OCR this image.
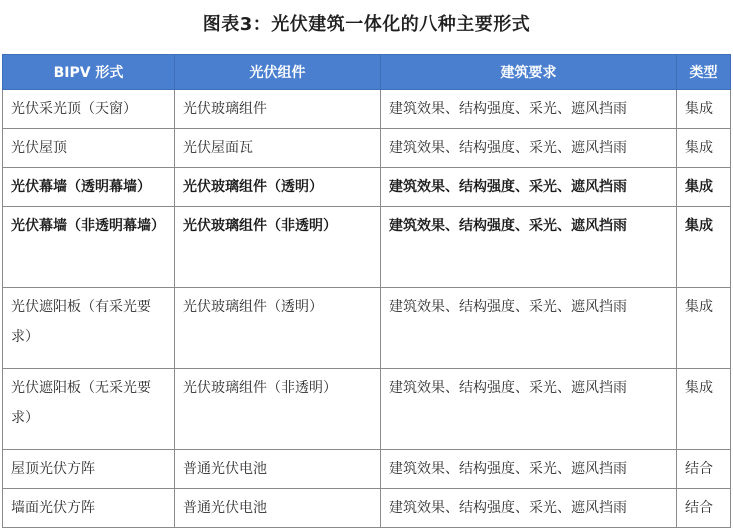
图表3：光伏建筑一体化的八种主要形式
BIPV 形式	光伏组件	建筑要求	类型
光伏采光顶（天窗）	光伏玻璃组件	建筑效果、结构强度、采光、遮风挡雨	集成
光伏屋顶	光伏屋面瓦	建筑效果、结构强度、采光、遮风挡雨	集成
光伏幕墙（透明幕墙）	光伏玻璃组件（透明）	建筑效果、结构强度、采光、遮风挡雨	集成
光伏幕墙（非透明幕墙）	光伏玻璃组件（非透明）	建筑效果、结构强度、采光、遮风挡雨	集成
光伏遮阳板（有采光要求）	光伏玻璃组件（透明）	建筑效果、结构强度、采光、遮风挡雨	集成
光伏遮阳板（无采光要求）	光伏玻璃组件（非透明）	建筑效果、结构强度、采光、遮风挡雨	集成
屋顶光伏方阵	普通光伏电池	建筑效果、结构强度、采光、遮风挡雨	结合
墙面光伏方阵	普通光伏电池	建筑效果、结构强度、采光、遮风挡雨	结合
